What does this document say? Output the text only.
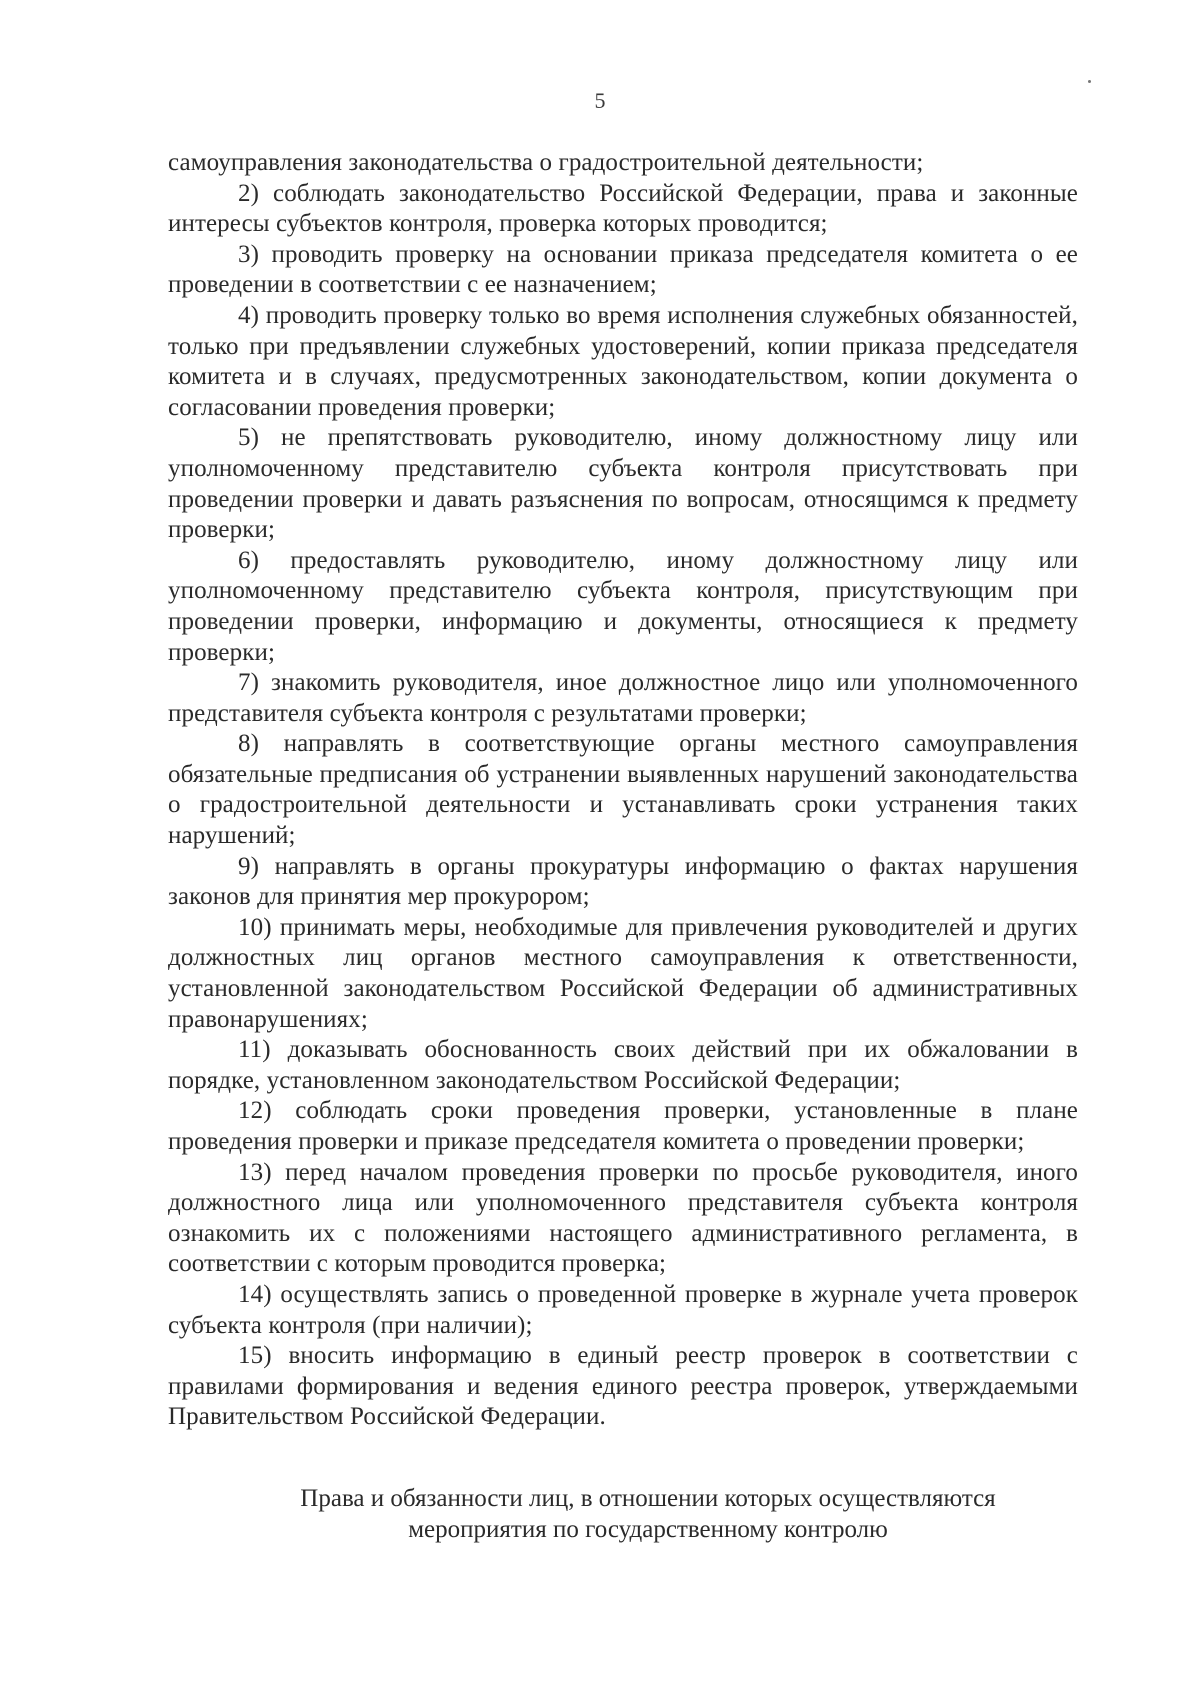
5

самоуправления законодательства о градостроительной деятельности;

2) соблюдать законодательство Российской Федерации, права и законные интересы субъектов контроля, проверка которых проводится;

3) проводить проверку на основании приказа председателя комитета о ее проведении в соответствии с ее назначением;

4) проводить проверку только во время исполнения служебных обязанностей, только при предъявлении служебных удостоверений, копии приказа председателя комитета и в случаях, предусмотренных законодательством, копии документа о согласовании проведения проверки;

5) не препятствовать руководителю, иному должностному лицу или уполномоченному представителю субъекта контроля присутствовать при проведении проверки и давать разъяснения по вопросам, относящимся к предмету проверки;

6) предоставлять руководителю, иному должностному лицу или уполномоченному представителю субъекта контроля, присутствующим при проведении проверки, информацию и документы, относящиеся к предмету проверки;

7) знакомить руководителя, иное должностное лицо или уполномоченного представителя субъекта контроля с результатами проверки;

8) направлять в соответствующие органы местного самоуправления обязательные предписания об устранении выявленных нарушений законодательства о градостроительной деятельности и устанавливать сроки устранения таких нарушений;

9) направлять в органы прокуратуры информацию о фактах нарушения законов для принятия мер прокурором;

10) принимать меры, необходимые для привлечения руководителей и других должностных лиц органов местного самоуправления к ответственности, установленной законодательством Российской Федерации об административных правонарушениях;

11) доказывать обоснованность своих действий при их обжаловании в порядке, установленном законодательством Российской Федерации;

12) соблюдать сроки проведения проверки, установленные в плане проведения проверки и приказе председателя комитета о проведении проверки;

13) перед началом проведения проверки по просьбе руководителя, иного должностного лица или уполномоченного представителя субъекта контроля ознакомить их с положениями настоящего административного регламента, в соответствии с которым проводится проверка;

14) осуществлять запись о проведенной проверке в журнале учета проверок субъекта контроля (при наличии);

15) вносить информацию в единый реестр проверок в соответствии с правилами формирования и ведения единого реестра проверок, утверждаемыми Правительством Российской Федерации.

Права и обязанности лиц, в отношении которых осуществляются
мероприятия по государственному контролю
